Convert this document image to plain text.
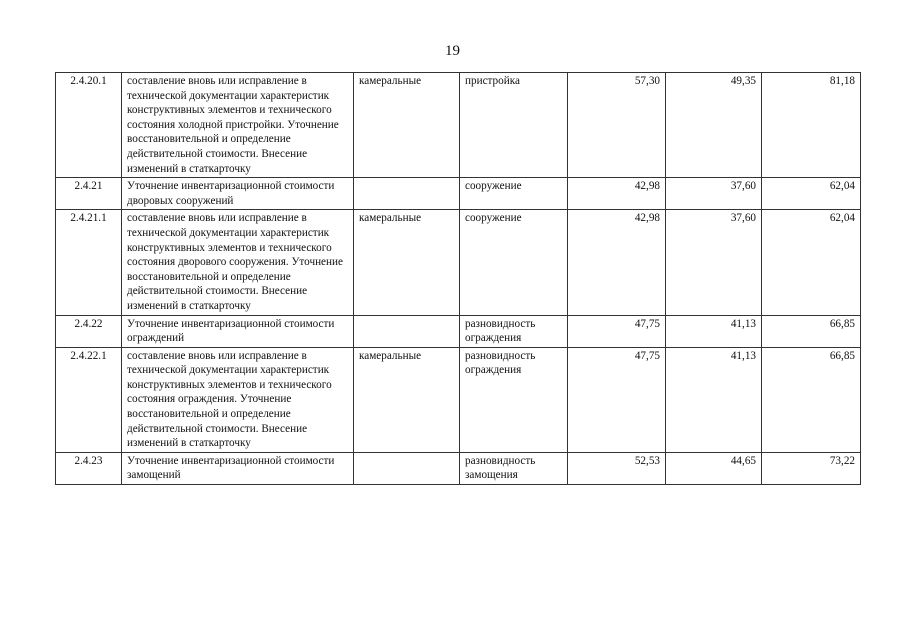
19
2.4.20.1	составление вновь или исправление в технической документации характеристик конструктивных элементов и технического состояния холодной пристройки. Уточнение восстановительной и определение действительной стоимости. Внесение изменений в статкарточку	камеральные	пристройка	57,30	49,35	81,18
2.4.21	Уточнение инвентаризационной стоимости дворовых сооружений		сооружение	42,98	37,60	62,04
2.4.21.1	составление вновь или исправление в технической документации характеристик конструктивных элементов и технического состояния дворового сооружения. Уточнение восстановительной и определение действительной стоимости. Внесение изменений в статкарточку	камеральные	сооружение	42,98	37,60	62,04
2.4.22	Уточнение инвентаризационной стоимости ограждений		разновидность ограждения	47,75	41,13	66,85
2.4.22.1	составление вновь или исправление в технической документации характеристик конструктивных элементов и технического состояния ограждения. Уточнение восстановительной и определение действительной стоимости. Внесение изменений в статкарточку	камеральные	разновидность ограждения	47,75	41,13	66,85
2.4.23	Уточнение инвентаризационной стоимости замощений		разновидность замощения	52,53	44,65	73,22
